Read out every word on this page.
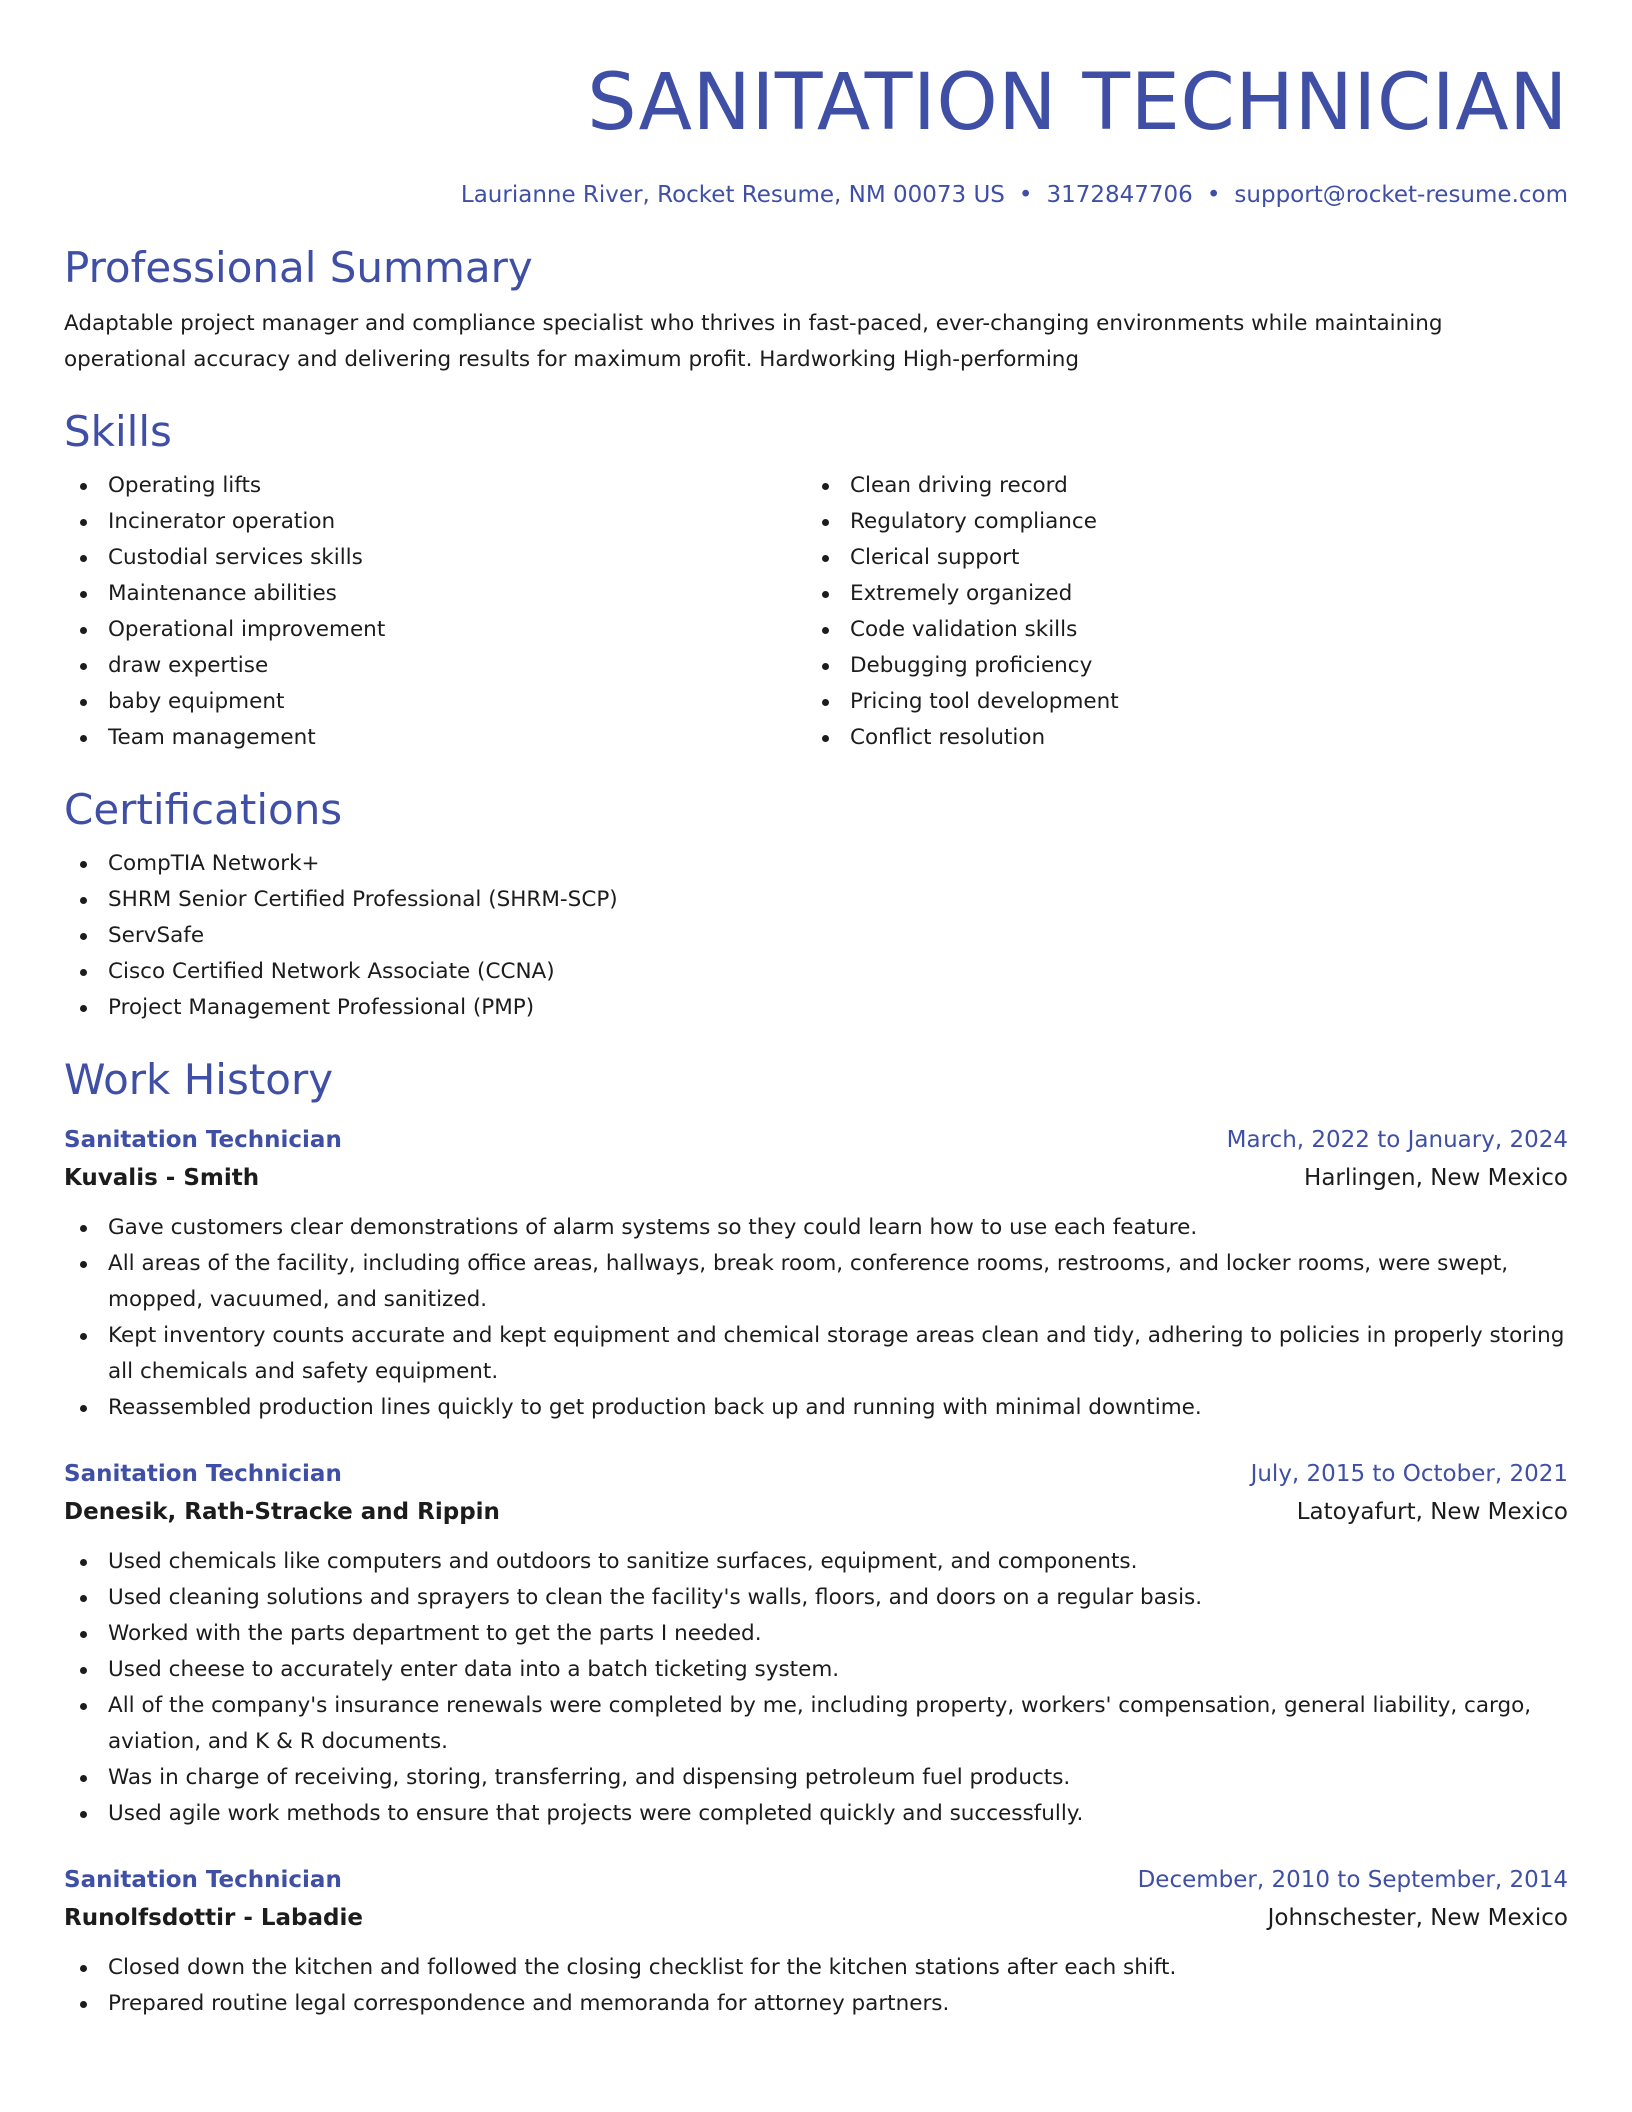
SANITATION TECHNICIAN
Laurianne River, Rocket Resume, NM 00073 US • 3172847706 • support@rocket-resume.com
Professional Summary

Adaptable project manager and compliance specialist who thrives in fast-paced, ever-changing environments while maintaining operational accuracy and delivering results for maximum profit. Hardworking High-performing

Skills
Operating lifts
Incinerator operation
Custodial services skills
Maintenance abilities
Operational improvement
draw expertise
baby equipment
Team management
Clean driving record
Regulatory compliance
Clerical support
Extremely organized
Code validation skills
Debugging proficiency
Pricing tool development
Conflict resolution
Certifications
CompTIA Network+
SHRM Senior Certified Professional (SHRM-SCP)
ServSafe
Cisco Certified Network Associate (CCNA)
Project Management Professional (PMP)
Work History
Sanitation Technician	March, 2022 to January, 2024
Kuvalis - Smith	Harlingen, New Mexico
Gave customers clear demonstrations of alarm systems so they could learn how to use each feature.
All areas of the facility, including office areas, hallways, break room, conference rooms, restrooms, and locker rooms, were swept, mopped, vacuumed, and sanitized.
Kept inventory counts accurate and kept equipment and chemical storage areas clean and tidy, adhering to policies in properly storing all chemicals and safety equipment.
Reassembled production lines quickly to get production back up and running with minimal downtime.
Sanitation Technician	July, 2015 to October, 2021
Denesik, Rath-Stracke and Rippin	Latoyafurt, New Mexico
Used chemicals like computers and outdoors to sanitize surfaces, equipment, and components.
Used cleaning solutions and sprayers to clean the facility's walls, floors, and doors on a regular basis.
Worked with the parts department to get the parts I needed.
Used cheese to accurately enter data into a batch ticketing system.
All of the company's insurance renewals were completed by me, including property, workers' compensation, general liability, cargo, aviation, and K & R documents.
Was in charge of receiving, storing, transferring, and dispensing petroleum fuel products.
Used agile work methods to ensure that projects were completed quickly and successfully.
Sanitation Technician	December, 2010 to September, 2014
Runolfsdottir - Labadie	Johnschester, New Mexico
Closed down the kitchen and followed the closing checklist for the kitchen stations after each shift.
Prepared routine legal correspondence and memoranda for attorney partners.
